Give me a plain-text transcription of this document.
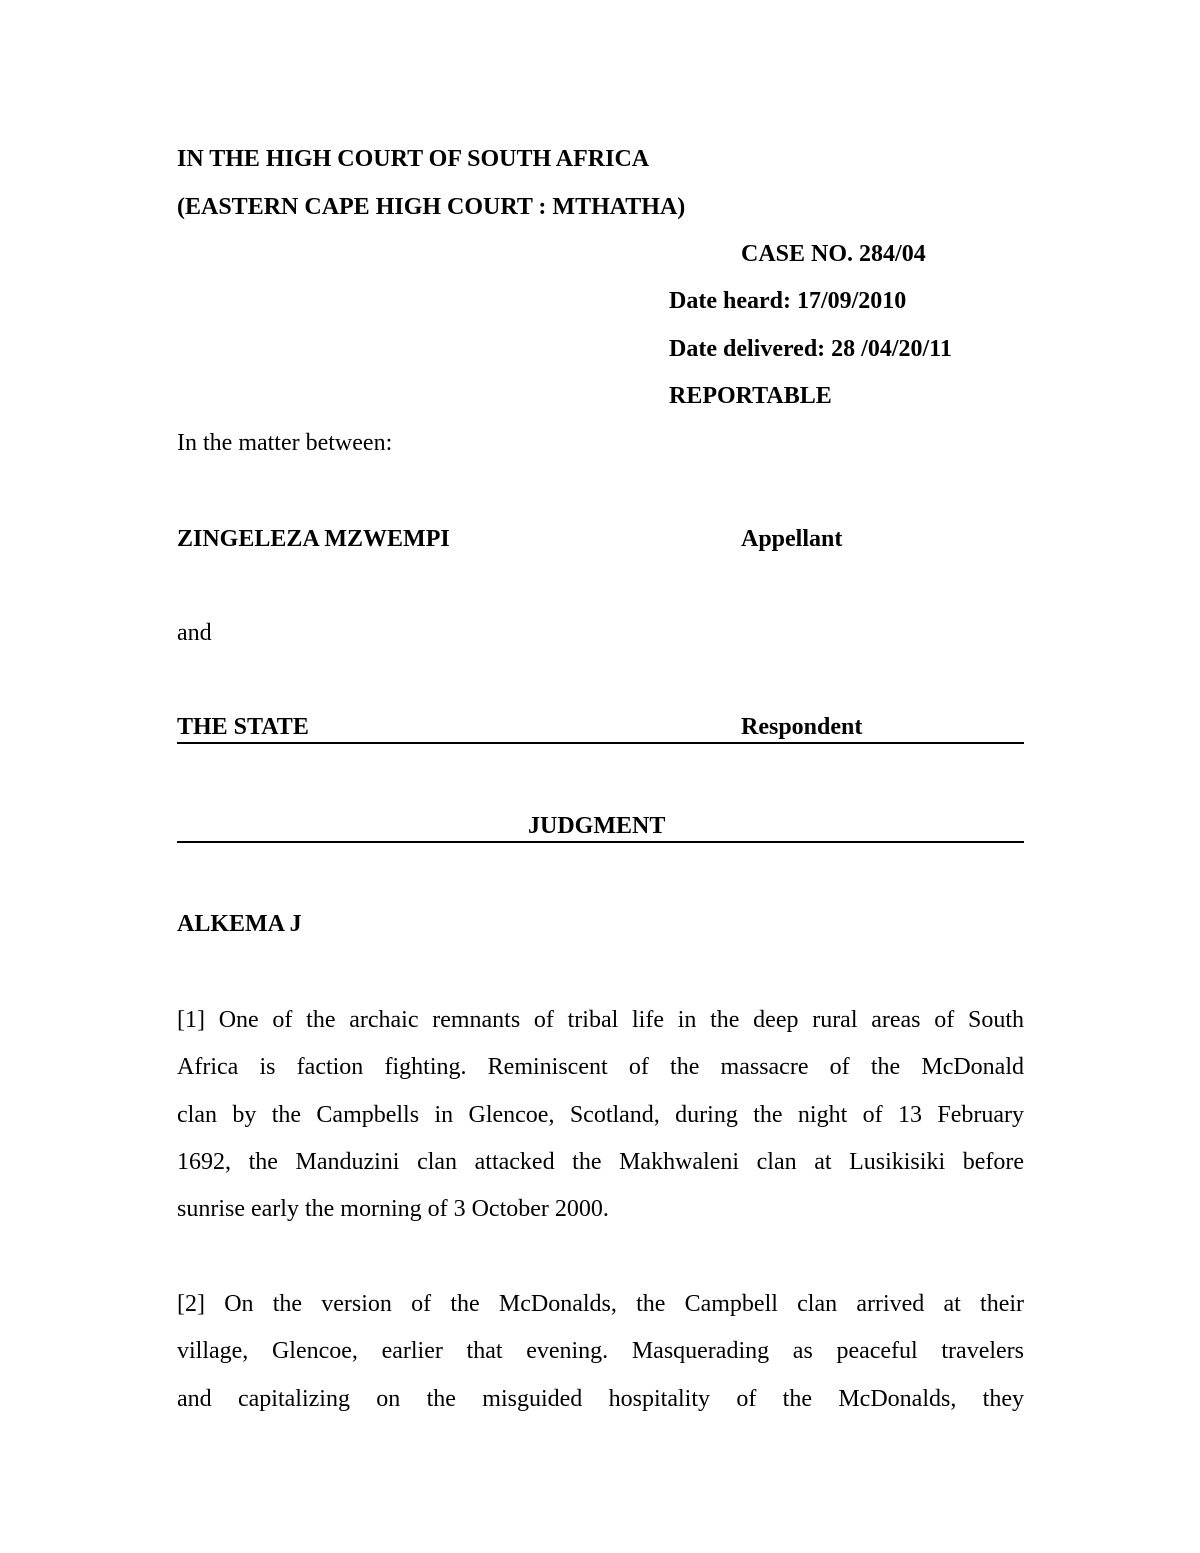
IN THE HIGH COURT OF SOUTH AFRICA
(EASTERN CAPE HIGH COURT : MTHATHA)
CASE NO. 284/04
Date heard: 17/09/2010
Date delivered: 28 /04/20/11
REPORTABLE
In the matter between:
ZINGELEZA MZWEMPI	Appellant
and
THE STATE	Respondent
JUDGMENT
ALKEMA J
[1] One of the archaic remnants of tribal life in the deep rural areas of South
Africa is faction fighting. Reminiscent of the massacre of the McDonald
clan by the Campbells in Glencoe, Scotland, during the night of 13 February
1692, the Manduzini clan attacked the Makhwaleni clan at Lusikisiki before
sunrise early the morning of 3 October 2000.
[2] On the version of the McDonalds, the Campbell clan arrived at their
village, Glencoe, earlier that evening. Masquerading as peaceful travelers
and capitalizing on the misguided hospitality of the McDonalds, they
